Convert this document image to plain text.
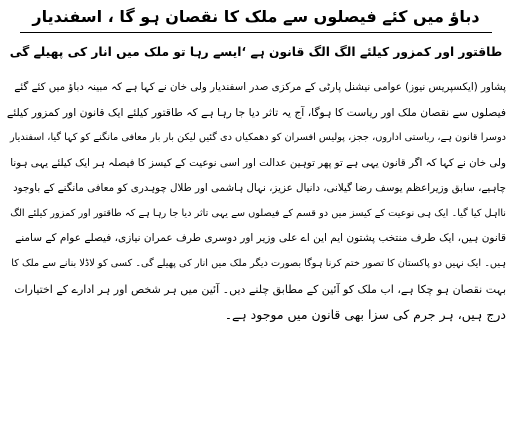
دباؤ میں کئے فیصلوں سے ملک کا نقصان ہو گا ، اسفندیار
طاقتور اور کمزور کیلئے الگ الگ قانون ہے ‘ایسے رہا تو ملک میں انار کی پھیلے گی
پشاور (ایکسپریس نیوز) عوامی نیشنل پارٹی کے مرکزی صدر اسفندیار ولی خان نے کہا ہے کہ مبینہ دباؤ میں کئے گئے
فیصلوں سے نقصان ملک اور ریاست کا ہوگا، آج یہ تاثر دیا جا رہا ہے کہ طاقتور کیلئے ایک قانون اور کمزور کیلئے
دوسرا قانون ہے، ریاستی اداروں، ججز، پولیس افسران کو دھمکیاں دی گئیں لیکن بار بار معافی مانگنے کو کہا گیا، اسفندیار
ولی خان نے کہا کہ اگر قانون یہی ہے تو پھر توہین عدالت اور اسی نوعیت کے کیسز کا فیصلہ ہر ایک کیلئے یہی ہونا
چاہیے، سابق وزیراعظم یوسف رضا گیلانی، دانیال عزیز، نہال ہاشمی اور طلال چوہدری کو معافی مانگنے کے باوجود
نااہل کیا گیا۔ ایک ہی نوعیت کے کیسز میں دو قسم کے فیصلوں سے یہی تاثر دیا جا رہا ہے کہ طاقتور اور کمزور کیلئے الگ
قانون ہیں، ایک طرف منتخب پشتون ایم این اے علی وزیر اور دوسری طرف عمران نیازی، فیصلے عوام کے سامنے
ہیں۔ ایک نہیں دو پاکستان کا تصور ختم کرنا ہوگا بصورت دیگر ملک میں انار کی پھیلے گی۔ کسی کو لاڈلا بنانے سے ملک کا
بہت نقصان ہو چکا ہے، اب ملک کو آئین کے مطابق چلنے دیں۔ آئین میں ہر شخص اور ہر ادارے کے اختیارات
درج ہیں، ہر جرم کی سزا بھی قانون میں موجود ہے۔
